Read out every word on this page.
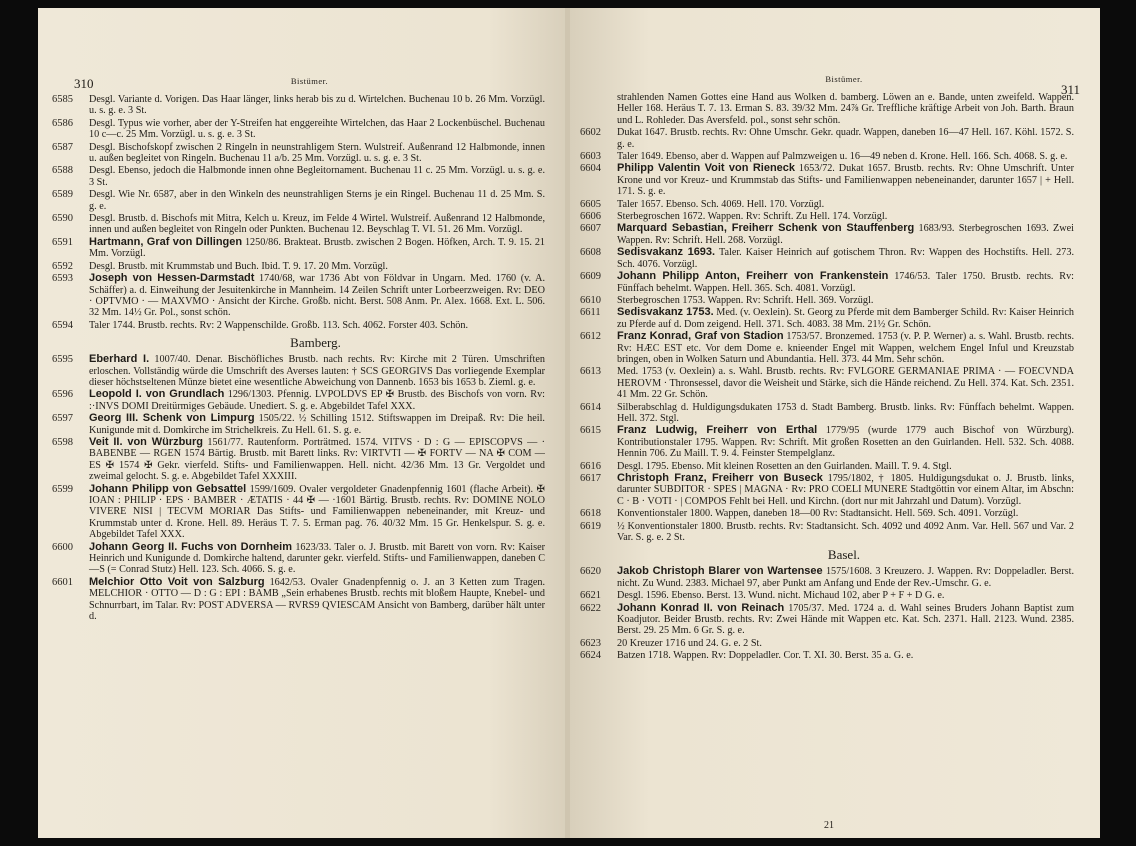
310	Bistümer.
6585	Desgl. Variante d. Vorigen. Das Haar länger, links herab bis zu d. Wirtelchen. Buchenau 10 b. 26 Mm. Vorzügl. u. s. g. e. 3 St.
6586	Desgl. Typus wie vorher, aber der Y-Streifen hat enggereihte Wirtelchen, das Haar 2 Lockenbüschel. Buchenau 10 c—c. 25 Mm. Vorzügl. u. s. g. e. 3 St.
6587	Desgl. Bischofskopf zwischen 2 Ringeln in neunstrahligem Stern. Wulstreif. Außenrand 12 Halbmonde, innen u. außen begleitet von Ringeln. Buchenau 11 a/b. 25 Mm. Vorzügl. u. s. g. e. 3 St.
6588	Desgl. Ebenso, jedoch die Halbmonde innen ohne Begleitornament. Buchenau 11 c. 25 Mm. Vorzügl. u. s. g. e. 3 St.
6589	Desgl. Wie Nr. 6587, aber in den Winkeln des neunstrahligen Sterns je ein Ringel. Buchenau 11 d. 25 Mm. S. g. e.
6590	Desgl. Brustb. d. Bischofs mit Mitra, Kelch u. Kreuz, im Felde 4 Wirtel. Wulstreif. Außenrand 12 Halbmonde, innen und außen begleitet von Ringeln oder Punkten. Buchenau 12. Beyschlag T. VI. 51. 26 Mm. Vorzügl.
6591	Hartmann, Graf von Dillingen 1250/86. Brakteat. Brustb. zwischen 2 Bogen. Höfken, Arch. T. 9. 15. 21 Mm. Vorzügl.
6592	Desgl. Brustb. mit Krummstab und Buch. Ibid. T. 9. 17. 20 Mm. Vorzügl.
6593	Joseph von Hessen-Darmstadt 1740/68, war 1736 Abt von Földvar in Ungarn. Med. 1760 (v. A. Schäffer) a. d. Einweihung der Jesuitenkirche in Mannheim. 14 Zeilen Schrift unter Lorbeerzweigen. Rv: DEO · OPTVMO · — MAXVMO · Ansicht der Kirche. Großb. nicht. Berst. 508 Anm. Pr. Alex. 1668. Ext. L. 506. 32 Mm. 14½ Gr. Pol., sonst schön.
6594	Taler 1744. Brustb. rechts. Rv: 2 Wappenschilde. Großb. 113. Sch. 4062. Forster 403. Schön.
Bamberg.
6595	Eberhard I. 1007/40. Denar. Bischöfliches Brustb. nach rechts. Rv: Kirche mit 2 Türen. Umschriften erloschen. Vollständig würde die Umschrift des Averses lauten: † SCS GEORGIVS Das vorliegende Exemplar dieser höchstseltenen Münze bietet eine wesentliche Abweichung von Dannenb. 1653 bis 1653 b. Zieml. g. e.
6596	Leopold I. von Grundlach 1296/1303. Pfennig. LVPOLDVS EP ✠ Brustb. des Bischofs von vorn. Rv: :·INVS DOMI Dreitürmiges Gebäude. Unediert. S. g. e. Abgebildet Tafel XXX.
6597	Georg III. Schenk von Limpurg 1505/22. ½ Schilling 1512. Stiftswappen im Dreipaß. Rv: Die heil. Kunigunde mit d. Domkirche im Strichelkreis. Zu Hell. 61. S. g. e.
6598	Veit II. von Würzburg 1561/77. Rautenform. Porträtmed. 1574. VITVS · D : G — EPISCOPVS — · BABENBE — RGEN 1574 Bärtig. Brustb. mit Barett links. Rv: VIRTVTI — ✠ FORTV — NA ✠ COM — ES ✠ 1574 ✠ Gekr. vierfeld. Stifts- und Familienwappen. Hell. nicht. 42/36 Mm. 13 Gr. Vergoldet und zweimal gelocht. S. g. e. Abgebildet Tafel XXXIII.
6599	Johann Philipp von Gebsattel 1599/1609. Ovaler vergoldeter Gnadenpfennig 1601 (flache Arbeit). ✠ IOAN : PHILIP · EPS · BAMBER · ÆTATIS · 44 ✠ — ·1601 Bärtig. Brustb. rechts. Rv: DOMINE NOLO VIVERE NISI | TECVM MORIAR Das Stifts- und Familienwappen nebeneinander, mit Kreuz- und Krummstab unter d. Krone. Hell. 89. Heräus T. 7. 5. Erman pag. 76. 40/32 Mm. 15 Gr. Henkelspur. S. g. e. Abgebildet Tafel XXX.
6600	Johann Georg II. Fuchs von Dornheim 1623/33. Taler o. J. Brustb. mit Barett von vorn. Rv: Kaiser Heinrich und Kunigunde d. Domkirche haltend, darunter gekr. vierfeld. Stifts- und Familienwappen, daneben C—S (= Conrad Stutz) Hell. 123. Sch. 4066. S. g. e.
6601	Melchior Otto Voit von Salzburg 1642/53. Ovaler Gnadenpfennig o. J. an 3 Ketten zum Tragen. MELCHIOR · OTTO — D : G : EPI : BAMB „Sein erhabenes Brustb. rechts mit bloßem Haupte, Knebel- und Schnurrbart, im Talar. Rv: POST ADVERSA — RVRS9 QVIESCAM Ansicht von Bamberg, darüber hält unter d.
Bistümer.
311
strahlenden Namen Gottes eine Hand aus Wolken d. bamberg. Löwen an e. Bande, unten zweifeld. Wappen. Heller 168. Heräus T. 7. 13. Erman S. 83. 39/32 Mm. 24⅞ Gr. Treffliche kräftige Arbeit von Joh. Barth. Braun und L. Rohleder. Das Aversfeld. pol., sonst sehr schön.
6602	Dukat 1647. Brustb. rechts. Rv: Ohne Umschr. Gekr. quadr. Wappen, daneben 16—47 Hell. 167. Köhl. 1572. S. g. e.
6603	Taler 1649. Ebenso, aber d. Wappen auf Palmzweigen u. 16—49 neben d. Krone. Hell. 166. Sch. 4068. S. g. e.
6604	Philipp Valentin Voit von Rieneck 1653/72. Dukat 1657. Brustb. rechts. Rv: Ohne Umschrift. Unter Krone und vor Kreuz- und Krummstab das Stifts- und Familienwappen nebeneinander, darunter 1657 | + Hell. 171. S. g. e.
6605	Taler 1657. Ebenso. Sch. 4069. Hell. 170. Vorzügl.
6606	Sterbegroschen 1672. Wappen. Rv: Schrift. Zu Hell. 174. Vorzügl.
6607	Marquard Sebastian, Freiherr Schenk von Stauffenberg 1683/93. Sterbegroschen 1693. Zwei Wappen. Rv: Schrift. Hell. 268. Vorzügl.
6608	Sedisvakanz 1693. Taler. Kaiser Heinrich auf gotischem Thron. Rv: Wappen des Hochstifts. Hell. 273. Sch. 4076. Vorzügl.
6609	Johann Philipp Anton, Freiherr von Frankenstein 1746/53. Taler 1750. Brustb. rechts. Rv: Fünffach behelmt. Wappen. Hell. 365. Sch. 4081. Vorzügl.
6610	Sterbegroschen 1753. Wappen. Rv: Schrift. Hell. 369. Vorzügl.
6611	Sedisvakanz 1753. Med. (v. Oexlein). St. Georg zu Pferde mit dem Bamberger Schild. Rv: Kaiser Heinrich zu Pferde auf d. Dom zeigend. Hell. 371. Sch. 4083. 38 Mm. 21½ Gr. Schön.
6612	Franz Konrad, Graf von Stadion 1753/57. Bronzemed. 1753 (v. P. P. Werner) a. s. Wahl. Brustb. rechts. Rv: HÆC EST etc. Vor dem Dome e. knieender Engel mit Wappen, welchem Engel Inful und Kreuzstab bringen, oben in Wolken Saturn und Abundantia. Hell. 373. 44 Mm. Sehr schön.
6613	Med. 1753 (v. Oexlein) a. s. Wahl. Brustb. rechts. Rv: FVLGORE GERMANIAE PRIMA · — FOECVNDA HEROVM · Thronsessel, davor die Weisheit und Stärke, sich die Hände reichend. Zu Hell. 374. Kat. Sch. 2351. 41 Mm. 22 Gr. Schön.
6614	Silberabschlag d. Huldigungsdukaten 1753 d. Stadt Bamberg. Brustb. links. Rv: Fünffach behelmt. Wappen. Hell. 372. Stgl.
6615	Franz Ludwig, Freiherr von Erthal 1779/95 (wurde 1779 auch Bischof von Würzburg). Kontributionstaler 1795. Wappen. Rv: Schrift. Mit großen Rosetten an den Guirlanden. Hell. 532. Sch. 4088. Hennin 706. Zu Maill. T. 9. 4. Feinster Stempelglanz.
6616	Desgl. 1795. Ebenso. Mit kleinen Rosetten an den Guirlanden. Maill. T. 9. 4. Stgl.
6617	Christoph Franz, Freiherr von Buseck 1795/1802, † 1805. Huldigungsdukat o. J. Brustb. links, darunter SUBDITOR · SPES | MAGNA · Rv: PRO COELI MUNERE Stadtgöttin vor einem Altar, im Abschn: C · B · VOTI · | COMPOS Fehlt bei Hell. und Kirchn. (dort nur mit Jahrzahl und Datum). Vorzügl.
6618	Konventionstaler 1800. Wappen, daneben 18—00 Rv: Stadtansicht. Hell. 569. Sch. 4091. Vorzügl.
6619	½ Konventionstaler 1800. Brustb. rechts. Rv: Stadtansicht. Sch. 4092 und 4092 Anm. Var. Hell. 567 und Var. 2 Var. S. g. e. 2 St.
Basel.
6620	Jakob Christoph Blarer von Wartensee 1575/1608. 3 Kreuzero. J. Wappen. Rv: Doppeladler. Berst. nicht. Zu Wund. 2383. Michael 97, aber Punkt am Anfang und Ende der Rev.-Umschr. G. e.
6621	Desgl. 1596. Ebenso. Berst. 13. Wund. nicht. Michaud 102, aber P + F + D G. e.
6622	Johann Konrad II. von Reinach 1705/37. Med. 1724 a. d. Wahl seines Bruders Johann Baptist zum Koadjutor. Beider Brustb. rechts. Rv: Zwei Hände mit Wappen etc. Kat. Sch. 2371. Hall. 2123. Wund. 2385. Berst. 29. 25 Mm. 6 Gr. S. g. e.
6623	20 Kreuzer 1716 und 24. G. e. 2 St.
6624	Batzen 1718. Wappen. Rv: Doppeladler. Cor. T. XI. 30. Berst. 35 a. G. e.
21
